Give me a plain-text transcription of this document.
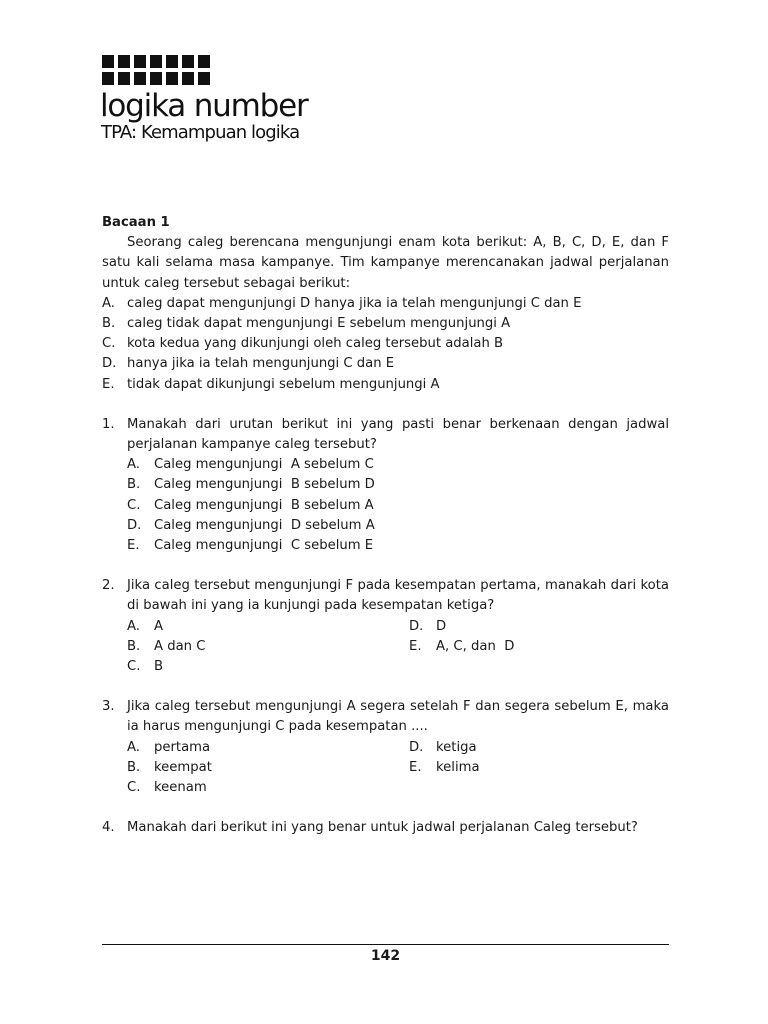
logika number
TPA: Kemampuan logika

Bacaan 1

Seorang caleg berencana mengunjungi enam kota berikut: A, B, C, D, E, dan F satu kali selama masa kampanye. Tim kampanye merencanakan jadwal perjalanan untuk caleg tersebut sebagai berikut:

A. caleg dapat mengunjungi D hanya jika ia telah mengunjungi C dan E
B. caleg tidak dapat mengunjungi E sebelum mengunjungi A
C. kota kedua yang dikunjungi oleh caleg tersebut adalah B
D. hanya jika ia telah mengunjungi C dan E
E. tidak dapat dikunjungi sebelum mengunjungi A
1. Manakah dari urutan berikut ini yang pasti benar berkenaan dengan jadwal perjalanan kampanye caleg tersebut?
A.	Caleg mengunjungi  A sebelum C
B.	Caleg mengunjungi  B sebelum D
C.	Caleg mengunjungi  B sebelum A
D. Caleg mengunjungi  D sebelum A
E.	Caleg mengunjungi  C sebelum E
2. Jika caleg tersebut mengunjungi F pada kesempatan pertama, manakah dari kota di bawah ini yang ia kunjungi pada kesempatan ketiga?
A.	A	D. D
B.	A dan C	E.	A, C, dan  D
C.	B
3. Jika caleg tersebut mengunjungi A segera setelah F dan segera sebelum E, maka ia harus mengunjungi C pada kesempatan ....
A.	pertama	D. ketiga
B.	keempat	E.	kelima
C.	keenam
4. Manakah dari berikut ini yang benar untuk jadwal perjalanan Caleg tersebut?
142
